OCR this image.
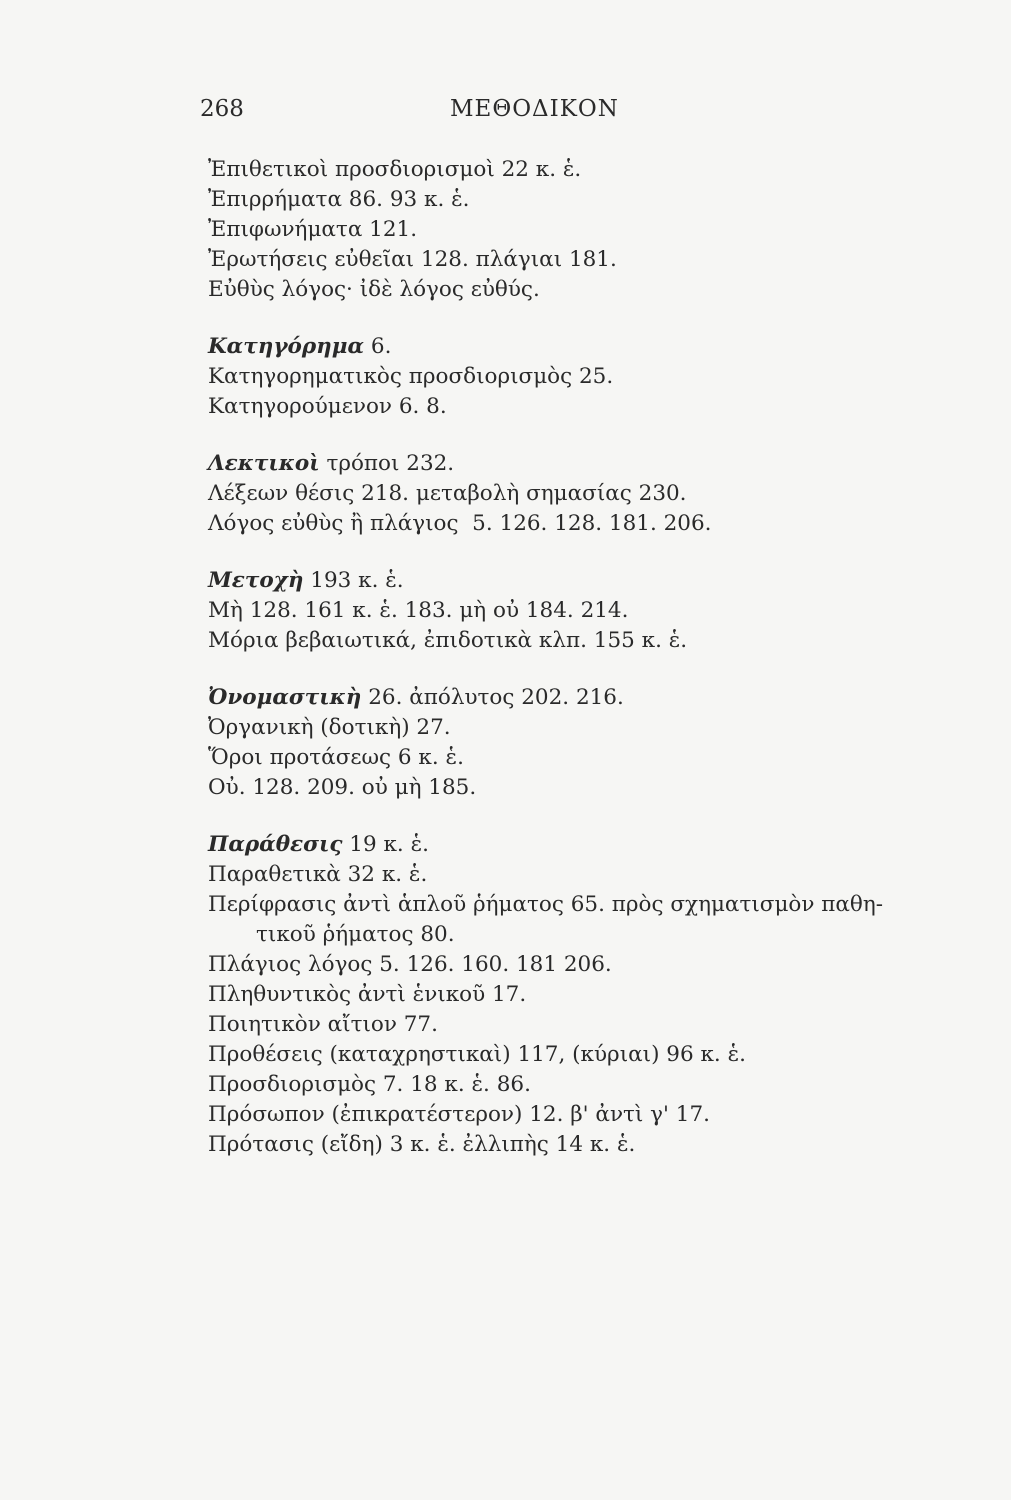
268	ΜΕΘΟΔΙΚΟΝ
Ἐπιθετικοὶ προσδιορισμοὶ 22 κ. ἑ.
Ἐπιρρήματα 86. 93 κ. ἑ.
Ἐπιφωνήματα 121.
Ἐρωτήσεις εὐθεῖαι 128. πλάγιαι 181.
Εὐθὺς λόγος· ἰδὲ λόγος εὐθύς.
Κατηγόρημα 6.
Κατηγορηματικὸς προσδιορισμὸς 25.
Κατηγορούμενον 6. 8.
Λεκτικοὶ τρόποι 232.
Λέξεων θέσις 218. μεταβολὴ σημασίας 230.
Λόγος εὐθὺς ἢ πλάγιος  5. 126. 128. 181. 206.
Μετοχὴ 193 κ. ἑ.
Μὴ 128. 161 κ. ἑ. 183. μὴ οὐ 184. 214.
Μόρια βεβαιωτικά, ἐπιδοτικὰ κλπ. 155 κ. ἑ.
Ὀνομαστικὴ 26. ἀπόλυτος 202. 216.
Ὀργανικὴ (δοτικὴ) 27.
Ὅροι προτάσεως 6 κ. ἑ.
Οὐ. 128. 209. οὐ μὴ 185.
Παράθεσις 19 κ. ἑ.
Παραθετικὰ 32 κ. ἑ.
Περίφρασις ἀντὶ ἁπλοῦ ῥήματος 65. πρὸς σχηματισμὸν παθη-
τικοῦ ῥήματος 80.
Πλάγιος λόγος 5. 126. 160. 181 206.
Πληθυντικὸς ἀντὶ ἑνικοῦ 17.
Ποιητικὸν αἴτιον 77.
Προθέσεις (καταχρηστικαὶ) 117, (κύριαι) 96 κ. ἑ.
Προσδιορισμὸς 7. 18 κ. ἑ. 86.
Πρόσωπον (ἐπικρατέστερον) 12. β' ἀντὶ γ' 17.
Πρότασις (εἴδη) 3 κ. ἑ. ἐλλιπὴς 14 κ. ἑ.
